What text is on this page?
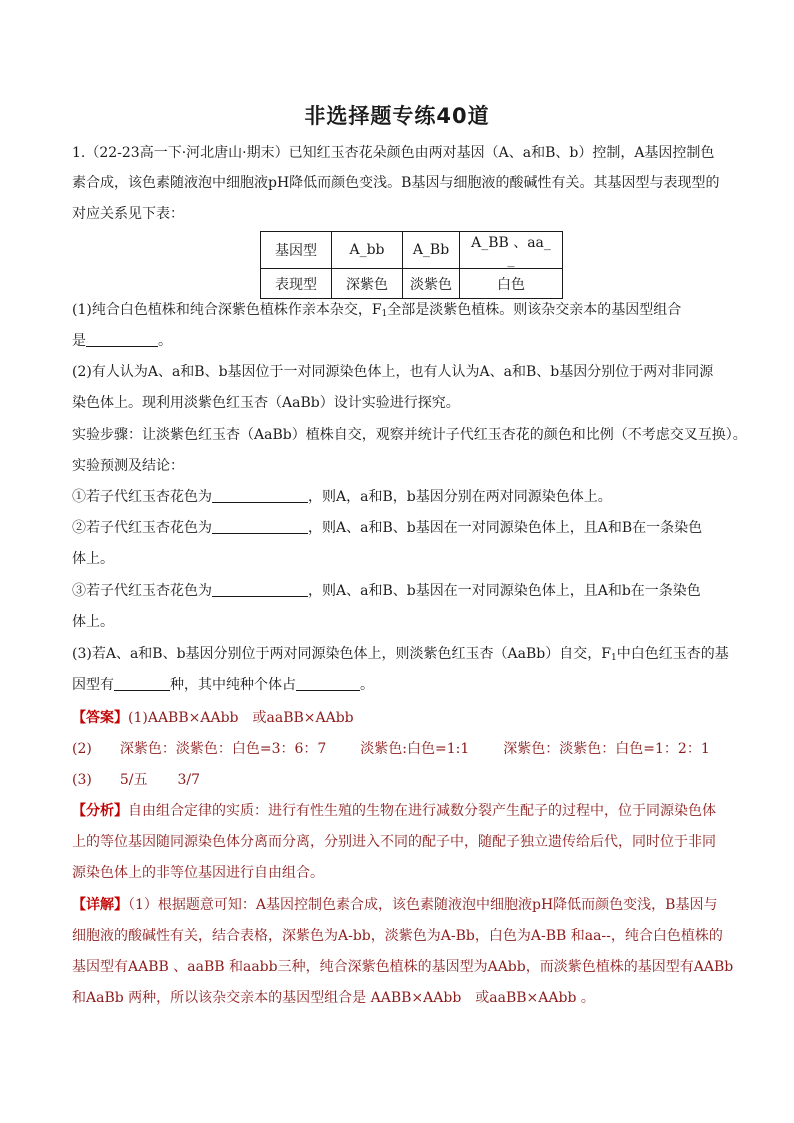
非选择题专练40道
1.（22-23高一下·河北唐山·期末）已知红玉杏花朵颜色由两对基因（A、a和B、b）控制，A基因控制色
素合成，该色素随液泡中细胞液pH降低而颜色变浅。B基因与细胞液的酸碱性有关。其基因型与表现型的
对应关系见下表：
基因型	A_bb	A_Bb	A_BB 、aa_ _
表现型	深紫色	淡紫色	白色
(1)纯合白色植株和纯合深紫色植株作亲本杂交，$F_1$全部是淡紫色植株。则该杂交亲本的基因型组合
是	。
(2)有人认为A、a和B、b基因位于一对同源染色体上，也有人认为A、a和B、b基因分别位于两对非同源
染色体上。现利用淡紫色红玉杏（AaBb）设计实验进行探究。
实验步骤：让淡紫色红玉杏（AaBb）植株自交，观察并统计子代红玉杏花的颜色和比例（不考虑交叉互换）。
实验预测及结论：
①若子代红玉杏花色为	，则A，a和B，b基因分别在两对同源染色体上。
②若子代红玉杏花色为	，则A、a和B、b基因在一对同源染色体上，且A和B在一条染色
体上。
③若子代红玉杏花色为	，则A、a和B、b基因在一对同源染色体上，且A和b在一条染色
体上。
(3)若A、a和B、b基因分别位于两对同源染色体上，则淡紫色红玉杏（AaBb）自交，$F_1$中白色红玉杏的基
因型有	种，其中纯种个体占	。
【答案】(1)AABB×AAbb　或aaBB×AAbb
(2) 深紫色：淡紫色：白色=3：6：7 淡紫色:白色=1:1 深紫色：淡紫色：白色=1：2：1
(3) 5/五 3/7
【分析】自由组合定律的实质：进行有性生殖的生物在进行减数分裂产生配子的过程中，位于同源染色体
上的等位基因随同源染色体分离而分离，分别进入不同的配子中，随配子独立遗传给后代，同时位于非同
源染色体上的非等位基因进行自由组合。
【详解】（1）根据题意可知：A基因控制色素合成，该色素随液泡中细胞液pH降低而颜色变浅，B基因与
细胞液的酸碱性有关，结合表格，深紫色为A-bb，淡紫色为A-Bb，白色为A-BB 和aa--，纯合白色植株的
基因型有AABB 、aaBB 和aabb三种，纯合深紫色植株的基因型为AAbb，而淡紫色植株的基因型有AABb
和AaBb 两种，所以该杂交亲本的基因型组合是 AABB×AAbb　或aaBB×AAbb 。
